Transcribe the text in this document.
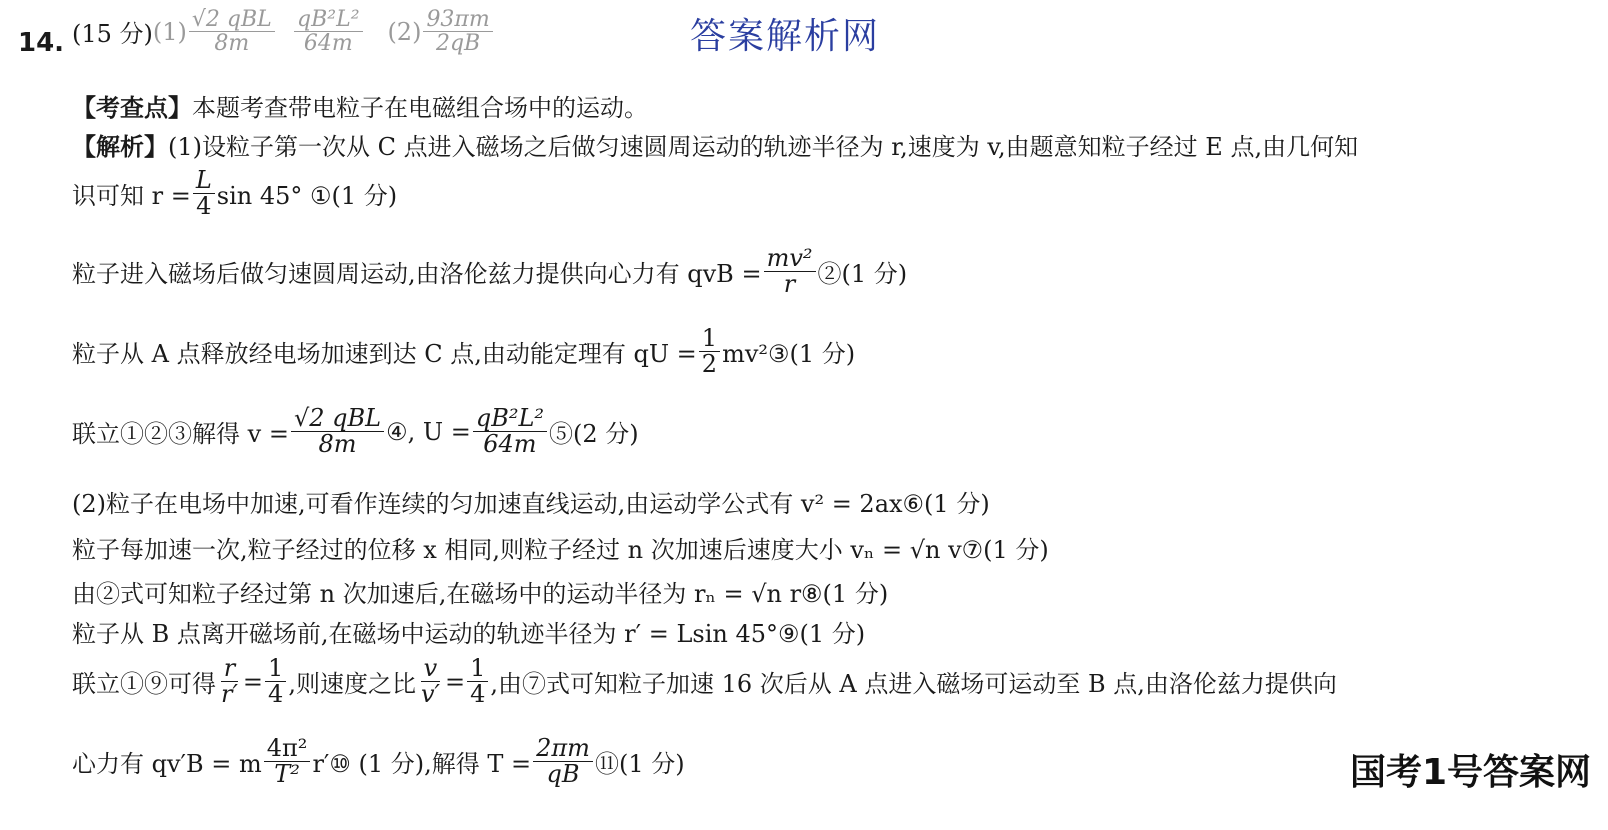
14. (15 分) $(1) \frac{\text{√2 qBL}}{8m}$
$\frac{\text{qB²L²}}{64m}$
$(2) \frac{93\pi m}{2qB}$	答案解析网
【考查点】 本题考查带电粒子在电磁组合场中的运动。
【解析】 (1)设粒子第一次从 C 点进入磁场之后做匀速圆周运动的轨迹半径为 r,速度为 v,由题意知粒子经过 E 点,由几何知
识可知 $r = \frac{L}{4}$ sin 45° ①(1 分)
粒子进入磁场后做匀速圆周运动,由洛伦兹力提供向心力有 qvB = $\frac{\text{mv²}}{r}$ ②(1 分)
粒子从 A 点释放经电场加速到达 C 点,由动能定理有 qU = $\frac{1}{2}$ mv²③(1 分)
联立①②③解得 $v = \frac{\text{√2 qBL}}{8m}$ ④, $U = \frac{\text{qB²L²}}{64m}$ ⑤(2 分)
(2)粒子在电场中加速,可看作连续的匀加速直线运动,由运动学公式有 v² = 2ax⑥(1 分)
粒子每加速一次,粒子经过的位移 x 相同,则粒子经过 n 次加速后速度大小 vₙ = √n v⑦(1 分)
由②式可知粒子经过第 n 次加速后,在磁场中的运动半径为 rₙ = √n r⑧(1 分)
粒子从 B 点离开磁场前,在磁场中运动的轨迹半径为 r′ = Lsin 45°⑨(1 分)
联立①⑨可得 $\frac{r}{r'} = \frac{1}{4}$ ,则速度之比 $\frac{v}{v'} = \frac{1}{4}$ ,由⑦式可知粒子加速 16 次后从 A 点进入磁场可运动至 B 点,由洛伦兹力提供向
心力有 qv′B = m $\frac{\text{4π²}}{\text{T²}}$ r′⑩ (1 分),解得 $T = \frac{2\pi m}{qB}$ ⑪(1 分)	国考1号答案网
